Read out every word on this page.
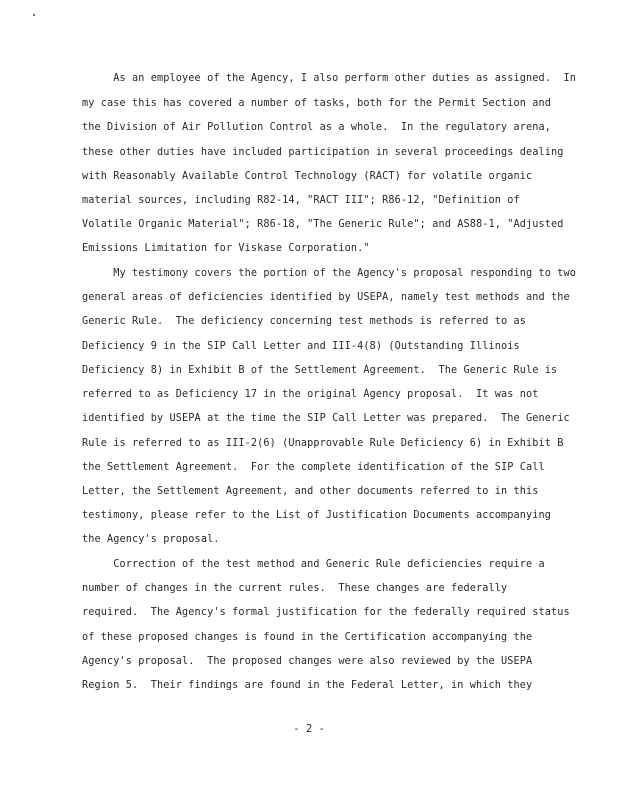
As an employee of the Agency, I also perform other duties as assigned.  In

my case this has covered a number of tasks, both for the Permit Section and

the Division of Air Pollution Control as a whole.  In the regulatory arena,

these other duties have included participation in several proceedings dealing

with Reasonably Available Control Technology (RACT) for volatile organic

material sources, including R82-14, "RACT III"; R86-12, "Definition of

Volatile Organic Material"; R86-18, "The Generic Rule"; and AS88-1, "Adjusted

Emissions Limitation for Viskase Corporation."

My testimony covers the portion of the Agency's proposal responding to two

general areas of deficiencies identified by USEPA, namely test methods and the

Generic Rule.  The deficiency concerning test methods is referred to as

Deficiency 9 in the SIP Call Letter and III-4(8) (Outstanding Illinois

Deficiency 8) in Exhibit B of the Settlement Agreement.  The Generic Rule is

referred to as Deficiency 17 in the original Agency proposal.  It was not

identified by USEPA at the time the SIP Call Letter was prepared.  The Generic

Rule is referred to as III-2(6) (Unapprovable Rule Deficiency 6) in Exhibit B

the Settlement Agreement.  For the complete identification of the SIP Call

Letter, the Settlement Agreement, and other documents referred to in this

testimony, please refer to the List of Justification Documents accompanying

the Agency's proposal.

Correction of the test method and Generic Rule deficiencies require a

number of changes in the current rules.  These changes are federally

required.  The Agency's formal justification for the federally required status

of these proposed changes is found in the Certification accompanying the

Agency's proposal.  The proposed changes were also reviewed by the USEPA

Region 5.  Their findings are found in the Federal Letter, in which they

- 2 -
